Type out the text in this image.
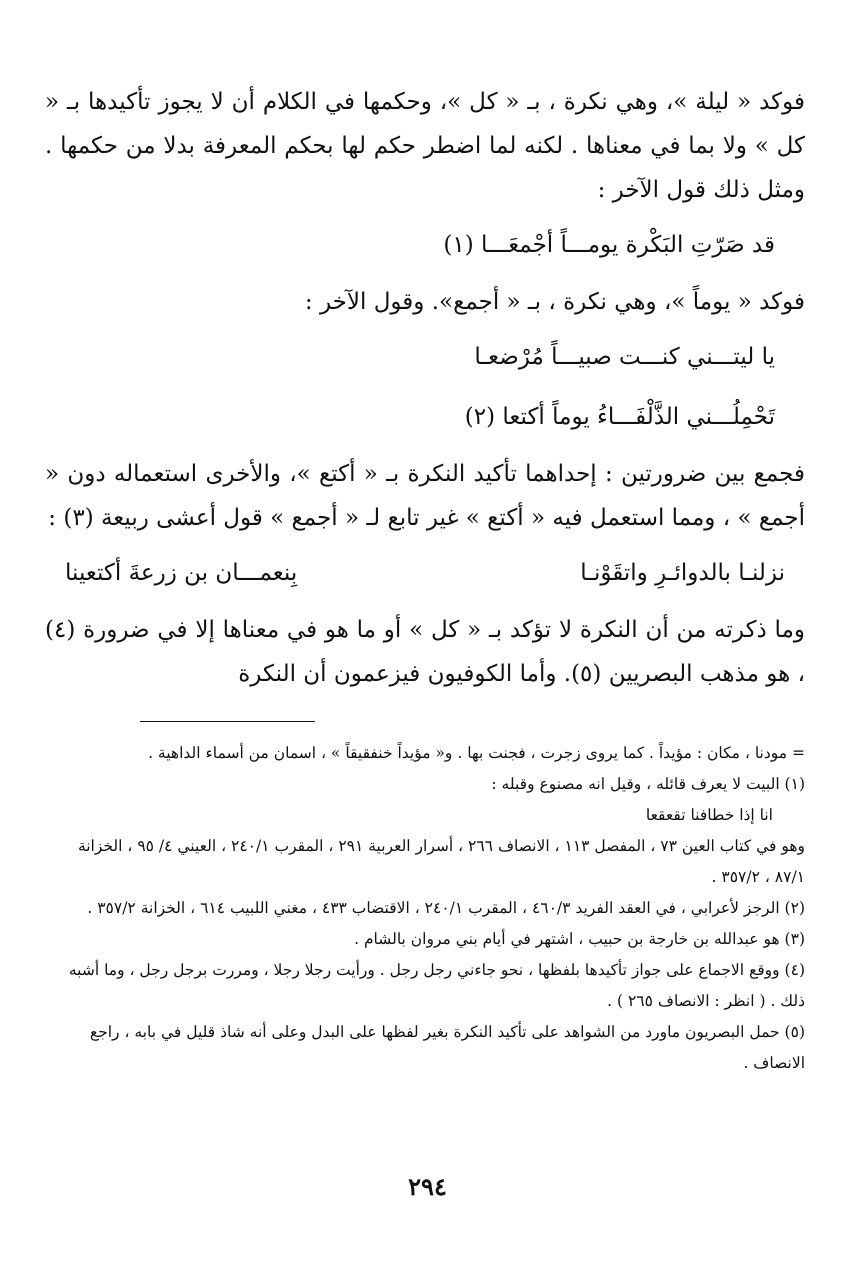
فوكد « ليلة »، وهي نكرة ، بـ « كل »، وحكمها في الكلام أن لا يجوز تأكيدها بـ « كل » ولا بما في معناها . لكنه لما اضطر حكم لها بحكم المعرفة بدلا من حكمها . ومثل ذلك قول الآخر :

قد صَرّتِ البَكْرة يومـــاً أجْمعَـــا (١)

فوكد « يوماً »، وهي نكرة ، بـ « أجمع». وقول الآخر :

يا ليتـــني كنـــت صبيـــاً مُرْضعـا
تَحْمِلُـــني الذَّلْفَـــاءُ يوماً أكتعا (٢)

فجمع بين ضرورتين : إحداهما تأكيد النكرة بـ « أكتع »، والأخرى استعماله دون « أجمع » ، ومما استعمل فيه « أكتع » غير تابع لـ « أجمع » قول أعشى ربيعة (٣) :

نزلنـا بالدوائـرِ واتقَوْنـا
بِنعمـــان بن زرعةَ أكتعينا

وما ذكرته من أن النكرة لا تؤكد بـ « كل » أو ما هو في معناها إلا في ضرورة (٤) ، هو مذهب البصريين (٥). وأما الكوفيون فيزعمون أن النكرة

= مودنا ، مكان : مؤيداً . كما يروى زجرت ، فجنت بها . و« مؤيداً خنفقيقاً » ، اسمان من أسماء الداهية .

(١) البيت لا يعرف قائله ، وقيل انه مصنوع وقبله :

انا إذا خطافنا تقعقعا

وهو في كتاب العين ٧٣ ، المفصل ١١٣ ، الانصاف ٢٦٦ ، أسرار العربية ٢٩١ ، المقرب ٢٤٠/١ ، العيني ٤/ ٩٥ ، الخزانة ٨٧/١ ، ٣٥٧/٢ .

(٢) الرجز لأعرابي ، في العقد الفريد ٤٦٠/٣ ، المقرب ٢٤٠/١ ، الاقتضاب ٤٣٣ ، مغني اللبيب ٦١٤ ، الخزانة ٣٥٧/٢ .

(٣) هو عبدالله بن خارجة بن حبيب ، اشتهر في أيام بني مروان بالشام .

(٤) ووقع الاجماع على جواز تأكيدها بلفظها ، نحو جاءني رجل رجل . ورأيت رجلا رجلا ، ومررت برجل رجل ، وما أشبه ذلك . ( انظر : الانصاف ٢٦٥ ) .

(٥) حمل البصريون ماورد من الشواهد على تأكيد النكرة بغير لفظها على البدل وعلى أنه شاذ قليل في بابه ، راجع الانصاف .

٢٩٤
